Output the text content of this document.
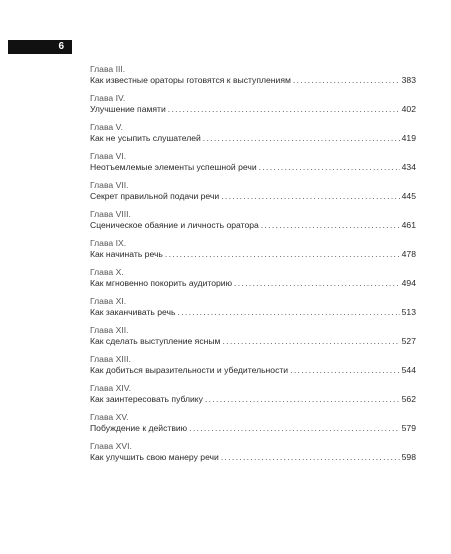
6
Глава III.
Как известные ораторы готовятся к выступлениям .....	383
Глава IV.
Улучшение памяти .....	402
Глава V.
Как не усыпить слушателей .....	419
Глава VI.
Неотъемлемые элементы успешной речи .....	434
Глава VII.
Секрет правильной подачи речи .....	445
Глава VIII.
Сценическое обаяние и личность оратора .....	461
Глава IX.
Как начинать речь .....	478
Глава X.
Как мгновенно покорить аудиторию .....	494
Глава XI.
Как заканчивать речь .....	513
Глава XII.
Как сделать выступление ясным .....	527
Глава XIII.
Как добиться выразительности и убедительности .....	544
Глава XIV.
Как заинтересовать публику .....	562
Глава XV.
Побуждение к действию .....	579
Глава XVI.
Как улучшить свою манеру речи .....	598
